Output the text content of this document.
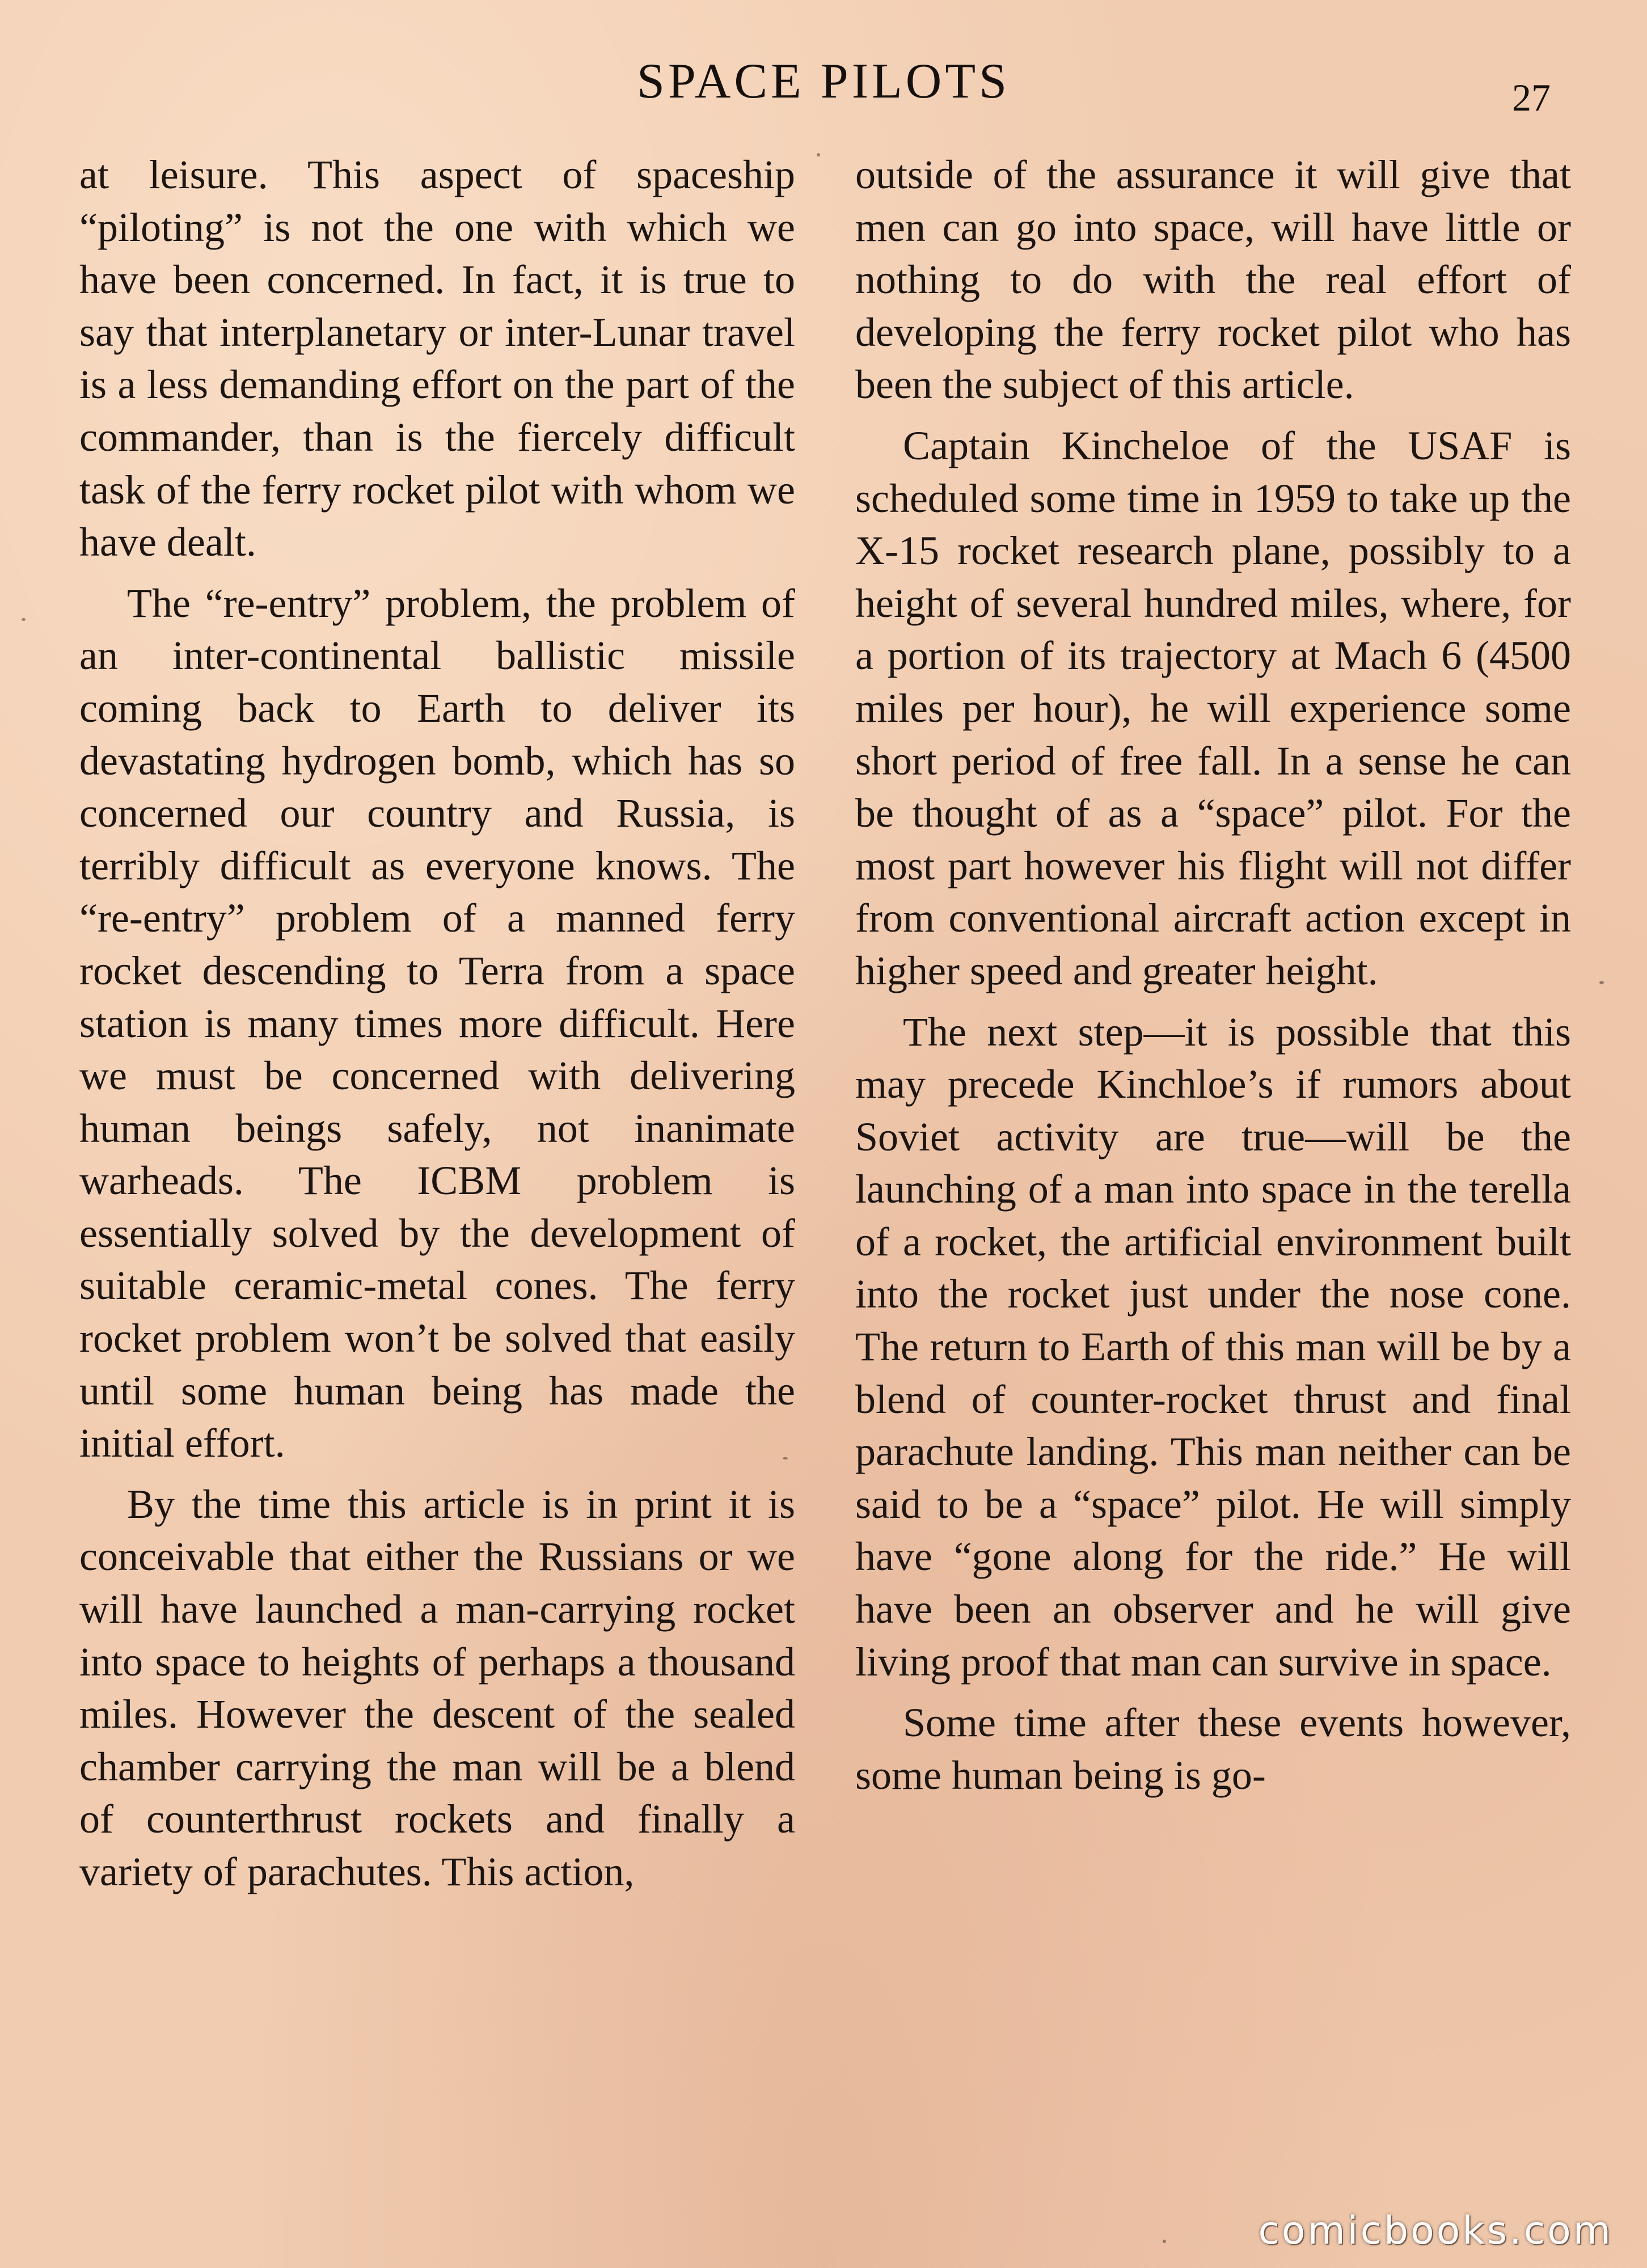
SPACE PILOTS	27

at leisure. This aspect of spaceship “piloting” is not the one with which we have been concerned. In fact, it is true to say that interplanetary or inter-Lunar travel is a less demanding effort on the part of the commander, than is the fiercely difficult task of the ferry rocket pilot with whom we have dealt.

The “re-entry” problem, the problem of an inter-continental ballistic missile coming back to Earth to deliver its devastating hydrogen bomb, which has so concerned our country and Russia, is terribly difficult as everyone knows. The “re-entry” problem of a manned ferry rocket descending to Terra from a space station is many times more difficult. Here we must be concerned with delivering human beings safely, not inanimate warheads. The ICBM problem is essentially solved by the development of suitable ceramic-metal cones. The ferry rocket problem won’t be solved that easily until some human being has made the initial effort.

By the time this article is in print it is conceivable that either the Russians or we will have launched a man-carrying rocket into space to heights of perhaps a thousand miles. However the descent of the sealed chamber carrying the man will be a blend of counterthrust rockets and finally a variety of parachutes. This action,

outside of the assurance it will give that men can go into space, will have little or nothing to do with the real effort of developing the ferry rocket pilot who has been the subject of this article.

Captain Kincheloe of the USAF is scheduled some time in 1959 to take up the X-15 rocket research plane, possibly to a height of several hundred miles, where, for a portion of its trajectory at Mach 6 (4500 miles per hour), he will experience some short period of free fall. In a sense he can be thought of as a “space” pilot. For the most part however his flight will not differ from conventional aircraft action except in higher speed and greater height.

The next step—it is possible that this may precede Kinchloe’s if rumors about Soviet activity are true—will be the launching of a man into space in the terella of a rocket, the artificial environment built into the rocket just under the nose cone. The return to Earth of this man will be by a blend of counter-rocket thrust and final parachute landing. This man neither can be said to be a “space” pilot. He will simply have “gone along for the ride.” He will have been an observer and he will give living proof that man can survive in space.

Some time after these events however, some human being is go-

comicbooks.com
